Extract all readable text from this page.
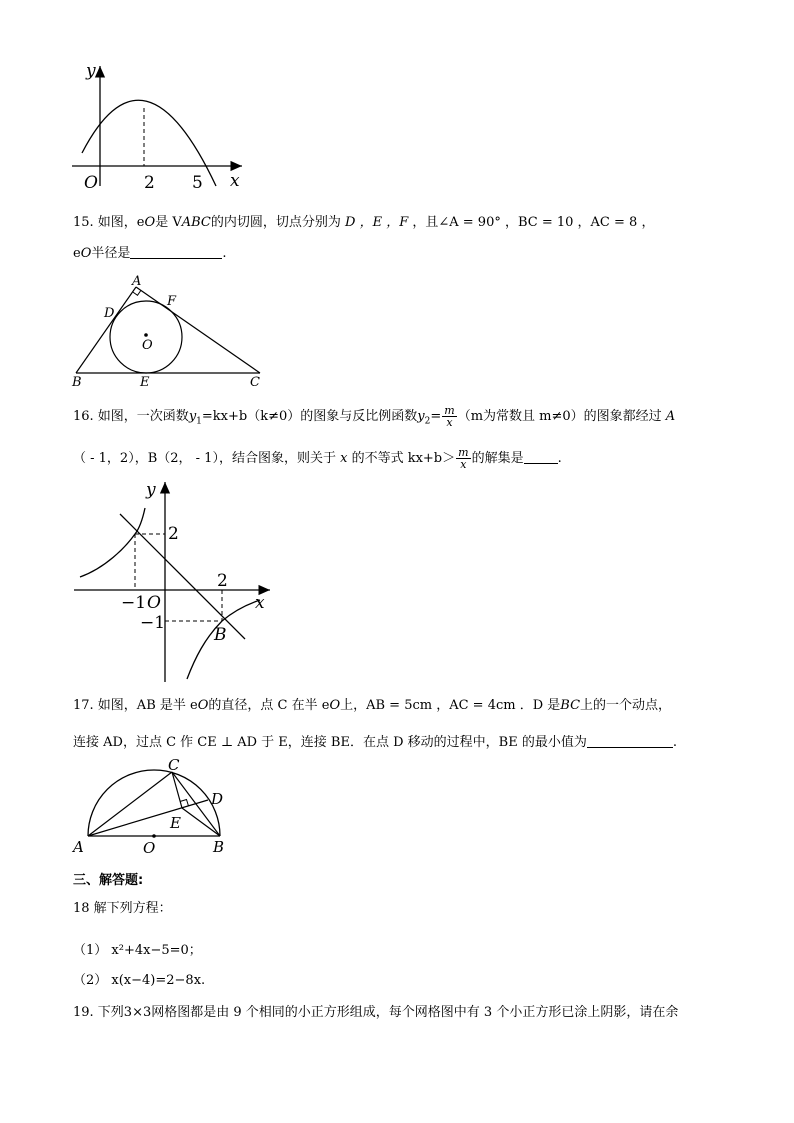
y
O	x
2 5
15. 如图，eO是 VABC的内切圆，切点分别为 D ，E ，F ，且∠A = 90° ，BC = 10 ，AC = 8 ，
eO半径是	.
A
F
D
O
B	E	C
16. 如图，一次函数$y_1=kx+b(k\ne 0)$的图象与反比例函数$y_2= \frac{m}{x} (m$为常数且 m≠0）的图象都经过 A
（ - 1，2），B（2， - 1），结合图象，则关于 x 的不等式 $kx+b> \frac{m}{x}$ 的解集是	.
y
x
2
2
−1 O
−1
B
17. 如图，AB 是半 eO的直径，点 C 在半 eO上，AB = 5cm ，AC = 4cm ．D 是BC上的一个动点，
连接 AD，过点 C 作 CE ⊥ AD 于 E，连接 BE．在点 D 移动的过程中，BE 的最小值为	.
C
D
E
A	O	B
三、解答题:
18 解下列方程：
（1） x²+4x−5=0；
（2） x(x−4)=2−8x.
19. 下列3×3网格图都是由 9 个相同的小正方形组成，每个网格图中有 3 个小正方形已涂上阴影，请在余
